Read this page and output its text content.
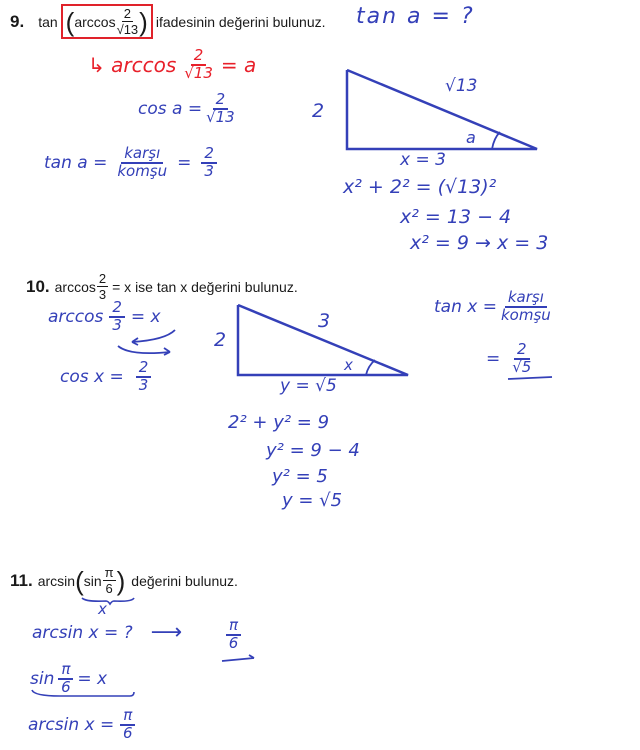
9. tan ( $\arccos \frac{2}{√13}$ ) ifadesinin değerini bulunuz. tan a = ?
↳ $\arccos \frac{2}{√13} = a$
$\cos a = \frac{2}{√13}$
$\tan a = \frac{\text{karşı}}{\text{komşu}} = \frac{2}{3}$
2
√13
a
x = 3
x² + 2² = (√13)²
x² = 13 − 4
x² = 9 → x = 3
10. $\arccos \frac{2}{3} = x$ ise tan x değerini bulunuz.
$\arccos \frac{2}{3} = x$
$\cos x = \frac{2}{3}$
2
3
x
y = √5
2² + y² = 9
y² = 9 − 4
y² = 5
y = √5
$\tan x = \frac{\text{karşı}}{\text{komşu}}$
= $\frac{2}{√5}$
11. arcsin ( $\sin \frac{\pi}{6}$ ) değerini bulunuz.
x
arcsin x = ? ⟶	$\frac{\pi}{6}$
$\sin \frac{\pi}{6} = x$
$\arcsin x = \frac{\pi}{6}$
